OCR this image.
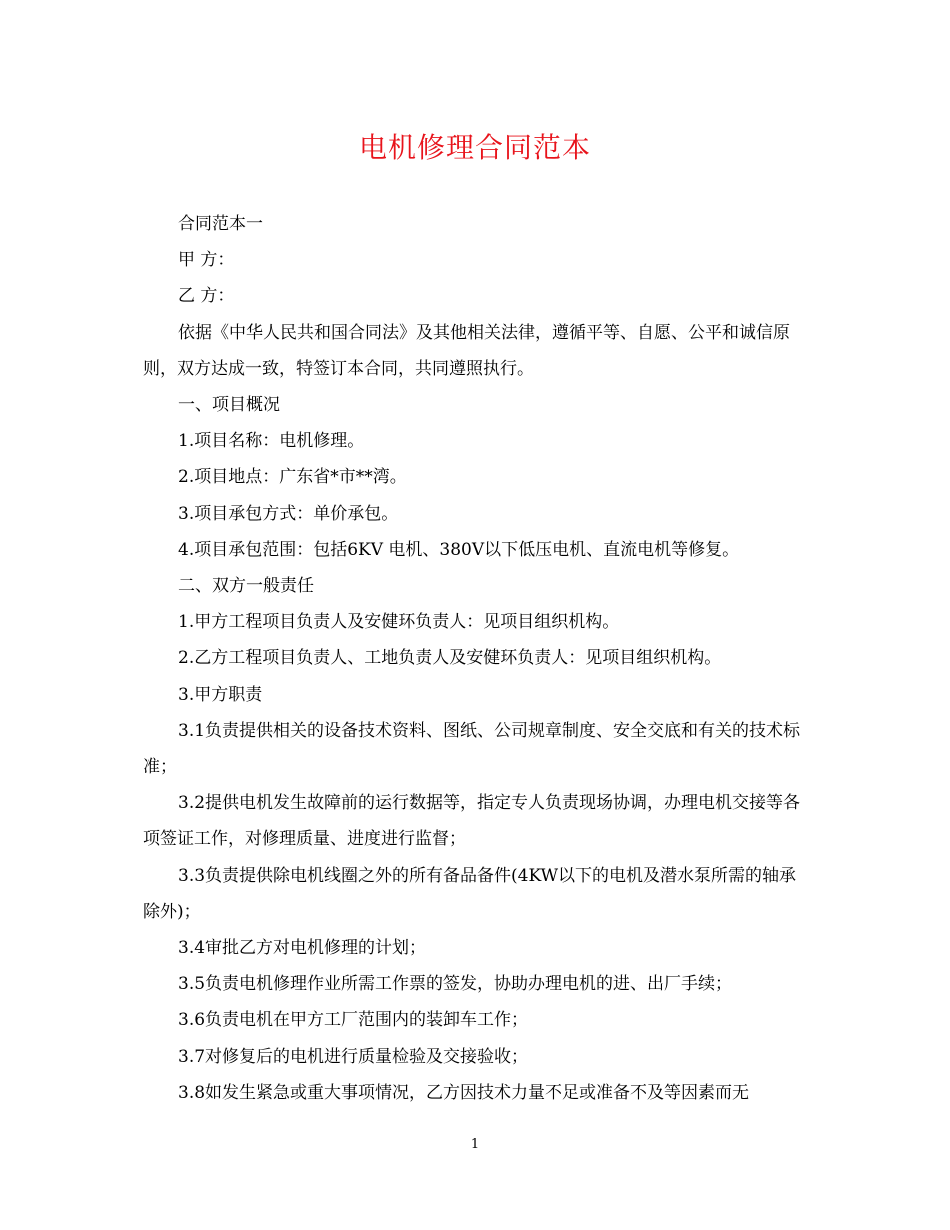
电机修理合同范本

合同范本一

甲 方：

乙 方：

依据《中华人民共和国合同法》及其他相关法律，遵循平等、自愿、公平和诚信原则，双方达成一致，特签订本合同，共同遵照执行。

一、项目概况

1.项目名称：电机修理。

2.项目地点：广东省*市**湾。

3.项目承包方式：单价承包。

4.项目承包范围：包括6KV 电机、380V以下低压电机、直流电机等修复。

二、双方一般责任

1.甲方工程项目负责人及安健环负责人：见项目组织机构。

2.乙方工程项目负责人、工地负责人及安健环负责人：见项目组织机构。

3.甲方职责

3.1负责提供相关的设备技术资料、图纸、公司规章制度、安全交底和有关的技术标准；

3.2提供电机发生故障前的运行数据等，指定专人负责现场协调，办理电机交接等各项签证工作，对修理质量、进度进行监督；

3.3负责提供除电机线圈之外的所有备品备件(4KW以下的电机及潜水泵所需的轴承除外)；

3.4审批乙方对电机修理的计划；

3.5负责电机修理作业所需工作票的签发，协助办理电机的进、出厂手续；

3.6负责电机在甲方工厂范围内的装卸车工作；

3.7对修复后的电机进行质量检验及交接验收；

3.8如发生紧急或重大事项情况，乙方因技术力量不足或准备不及等因素而无

1
